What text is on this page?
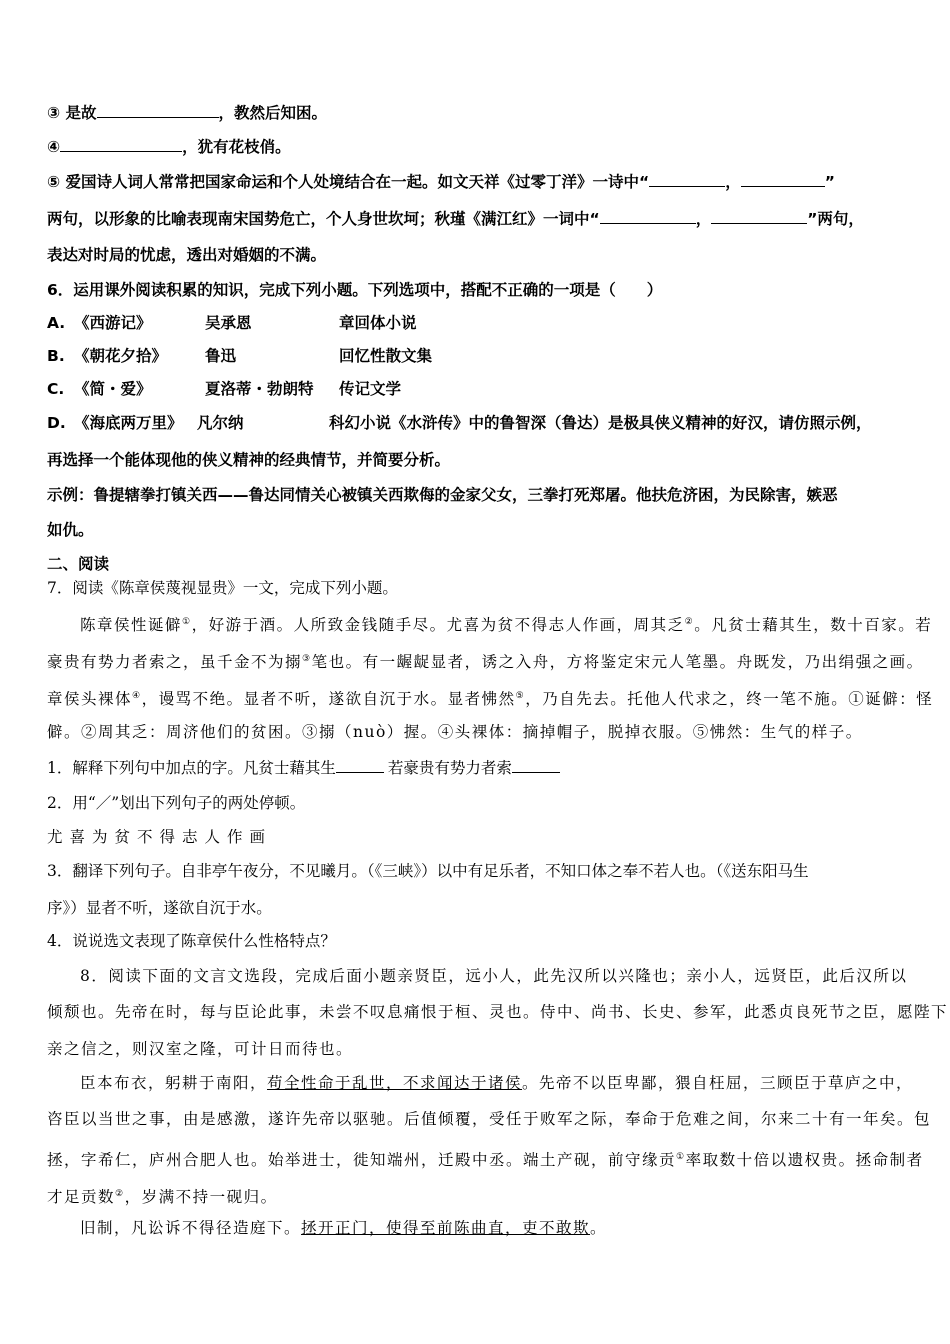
③ 是故	，教然后知困。
④	，犹有花枝俏。
⑤ 爱国诗人词人常常把国家命运和个人处境结合在一起。如文天祥《过零丁洋》一诗中“	，	”
两句，以形象的比喻表现南宋国势危亡，个人身世坎坷；秋瑾《满江红》一词中“	，	”两句，
表达对时局的忧虑，透出对婚姻的不满。
6．运用课外阅读积累的知识，完成下列小题。下列选项中，搭配不正确的一项是（　　）
A. 《西游记》	吴承恩	章回体小说
B. 《朝花夕拾》 鲁迅	回忆性散文集
C. 《简・爱》	夏洛蒂・勃朗特 传记文学
D. 《海底两万里》 凡尔纳	科幻小说《水浒传》中的鲁智深（鲁达）是极具侠义精神的好汉，请仿照示例，
再选择一个能体现他的侠义精神的经典情节，并简要分析。
示例：鲁提辖拳打镇关西——鲁达同情关心被镇关西欺侮的金家父女，三拳打死郑屠。他扶危济困，为民除害，嫉恶
如仇。
二、阅读
7．阅读《陈章侯蔑视显贵》一文，完成下列小题。
陈章侯性诞僻①，好游于酒。人所致金钱随手尽。尤喜为贫不得志人作画，周其乏②。凡贫士藉其生，数十百家。若
豪贵有势力者索之，虽千金不为搦③笔也。有一龌龊显者，诱之入舟，方将鉴定宋元人笔墨。舟既发，乃出绢强之画。
章侯头裸体④，谩骂不绝。显者不听，遂欲自沉于水。显者怫然⑤，乃自先去。托他人代求之，终一笔不施。①诞僻：怪
僻。②周其乏：周济他们的贫困。③搦（nuò）握。④头裸体：摘掉帽子，脱掉衣服。⑤怫然：生气的样子。
1．解释下列句中加点的字。凡贫士藉其生	若豪贵有势力者索
2．用“／”划出下列句子的两处停顿。
尤喜为贫不得志人作画
3．翻译下列句子。自非亭午夜分，不见曦月。（《三峡》）以中有足乐者，不知口体之奉不若人也。（《送东阳马生
序》）显者不听，遂欲自沉于水。
4．说说选文表现了陈章侯什么性格特点？
8．阅读下面的文言文选段，完成后面小题亲贤臣，远小人，此先汉所以兴隆也；亲小人，远贤臣，此后汉所以
倾颓也。先帝在时，每与臣论此事，未尝不叹息痛恨于桓、灵也。侍中、尚书、长史、参军，此悉贞良死节之臣，愿陛下
亲之信之，则汉室之隆，可计日而待也。
臣本布衣，躬耕于南阳，苟全性命于乱世，不求闻达于诸侯。先帝不以臣卑鄙，猥自枉屈，三顾臣于草庐之中，
咨臣以当世之事，由是感激，遂许先帝以驱驰。后值倾覆，受任于败军之际，奉命于危难之间，尔来二十有一年矣。包
拯，字希仁，庐州合肥人也。始举进士，徙知端州，迁殿中丞。端土产砚，前守缘贡①率取数十倍以遗权贵。拯命制者
才足贡数②，岁满不持一砚归。
旧制，凡讼诉不得径造庭下。拯开正门，使得至前陈曲直，吏不敢欺。
